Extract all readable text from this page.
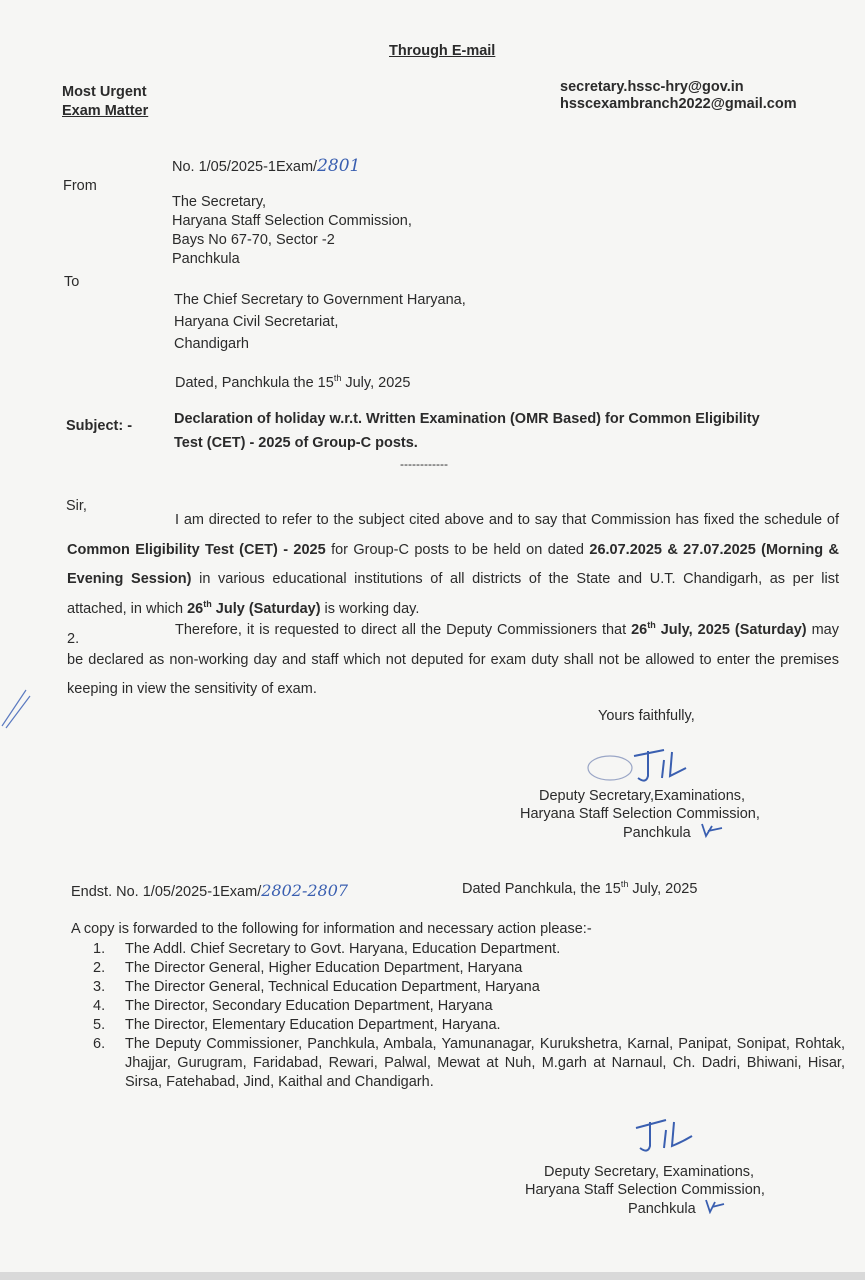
Through E-mail
Most Urgent
Exam Matter
secretary.hssc-hry@gov.in
hsscexambranch2022@gmail.com
No. 1/05/2025-1Exam/2801
From
The Secretary,
Haryana Staff Selection Commission,
Bays No 67-70, Sector -2
Panchkula
To
The Chief Secretary to Government Haryana,
Haryana Civil Secretariat,
Chandigarh
Dated, Panchkula the 15th July, 2025
Subject: -	Declaration of holiday w.r.t. Written Examination (OMR Based) for Common Eligibility
Test (CET) - 2025 of Group-C posts.
------------
Sir,

I am directed to refer to the subject cited above and to say that Commission has fixed the schedule of Common Eligibility Test (CET) - 2025 for Group-C posts to be held on dated 26.07.2025 & 27.07.2025 (Morning & Evening Session) in various educational institutions of all districts of the State and U.T. Chandigarh, as per list attached, in which 26th July (Saturday) is working day.

2.

Therefore, it is requested to direct all the Deputy Commissioners that 26th July, 2025 (Saturday) may be declared as non-working day and staff which not deputed for exam duty shall not be allowed to enter the premises keeping in view the sensitivity of exam.

Yours faithfully,
Deputy Secretary,Examinations,
Haryana Staff Selection Commission,
Panchkula
Endst. No. 1/05/2025-1Exam/2802-2807	Dated Panchkula, the 15th July, 2025
A copy is forwarded to the following for information and necessary action please:-
1.	The Addl. Chief Secretary to Govt. Haryana, Education Department.
2.	The Director General, Higher Education Department, Haryana
3.	The Director General, Technical Education Department, Haryana
4.	The Director, Secondary Education Department, Haryana
5.	The Director, Elementary Education Department, Haryana.
6.	The Deputy Commissioner, Panchkula, Ambala, Yamunanagar, Kurukshetra, Karnal, Panipat, Sonipat, Rohtak, Jhajjar, Gurugram, Faridabad, Rewari, Palwal, Mewat at Nuh, M.garh at Narnaul, Ch. Dadri, Bhiwani, Hisar, Sirsa, Fatehabad, Jind, Kaithal and Chandigarh.
Deputy Secretary, Examinations,
Haryana Staff Selection Commission,
Panchkula
